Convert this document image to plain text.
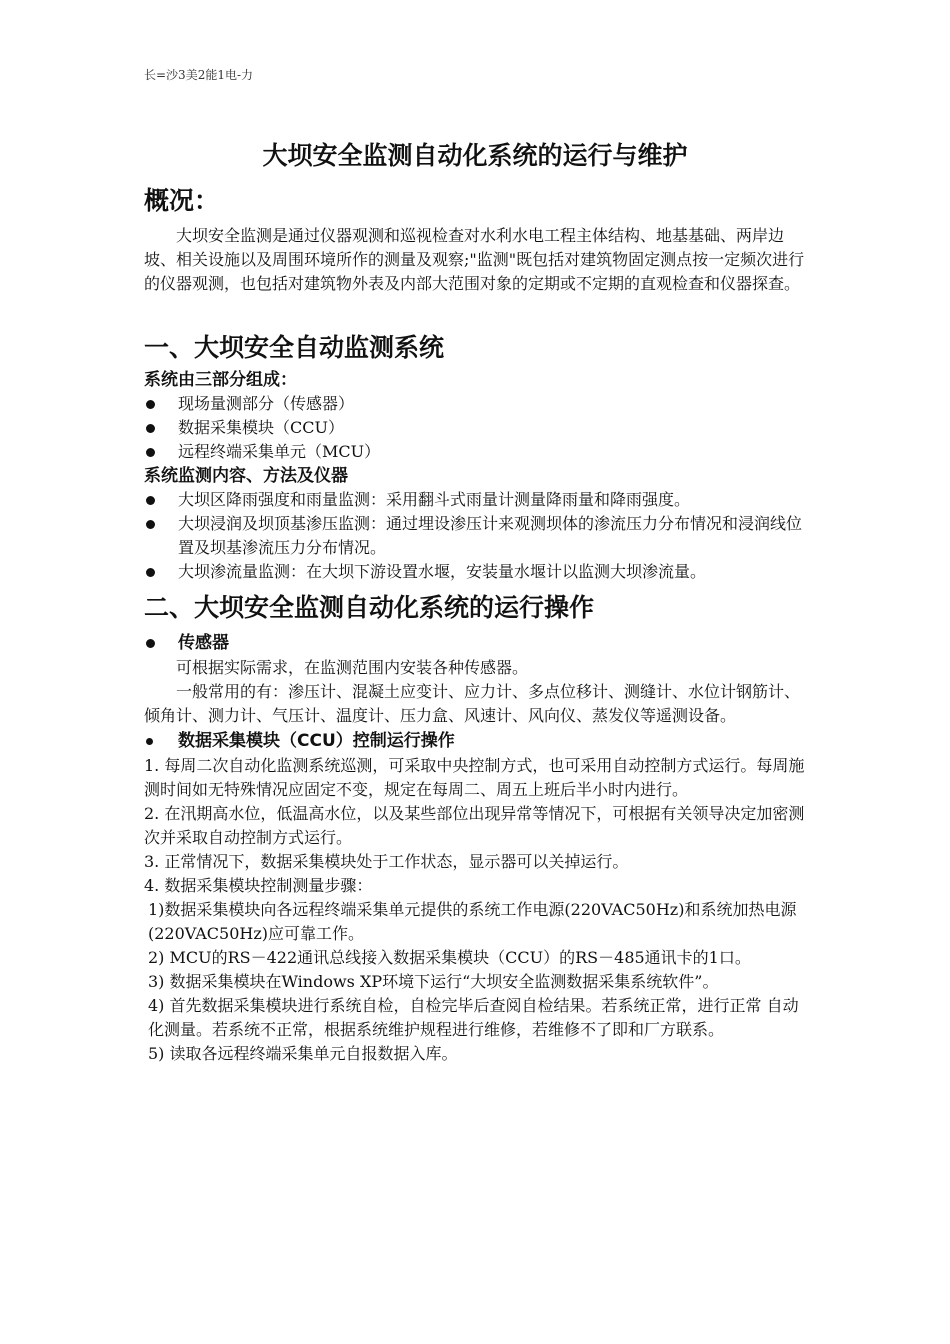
长=沙3美2能1电-力
大坝安全监测自动化系统的运行与维护
概况：

大坝安全监测是通过仪器观测和巡视检查对水利水电工程主体结构、地基基础、两岸边坡、相关设施以及周围环境所作的测量及观察;"监测"既包括对建筑物固定测点按一定频次进行的仪器观测，也包括对建筑物外表及内部大范围对象的定期或不定期的直观检查和仪器探查。

一、大坝安全自动监测系统
系统由三部分组成：
现场量测部分（传感器）
数据采集模块（CCU）
远程终端采集单元（MCU）
系统监测内容、方法及仪器
大坝区降雨强度和雨量监测：采用翻斗式雨量计测量降雨量和降雨强度。
大坝浸润及坝顶基渗压监测：通过埋设渗压计来观测坝体的渗流压力分布情况和浸润线位置及坝基渗流压力分布情况。
大坝渗流量监测：在大坝下游设置水堰，安装量水堰计以监测大坝渗流量。
二、大坝安全监测自动化系统的运行操作
传感器

可根据实际需求，在监测范围内安装各种传感器。

一般常用的有：渗压计、混凝土应变计、应力计、多点位移计、测缝计、水位计钢筋计、倾角计、测力计、气压计、温度计、压力盒、风速计、风向仪、蒸发仪等遥测设备。

数据采集模块（CCU）控制运行操作

1. 每周二次自动化监测系统巡测，可采取中央控制方式，也可采用自动控制方式运行。每周施测时间如无特殊情况应固定不变，规定在每周二、周五上班后半小时内进行。

2. 在汛期高水位，低温高水位，以及某些部位出现异常等情况下，可根据有关领导决定加密测次并采取自动控制方式运行。

3. 正常情况下，数据采集模块处于工作状态，显示器可以关掉运行。

4. 数据采集模块控制测量步骤：

1)数据采集模块向各远程终端采集单元提供的系统工作电源(220VAC50Hz)和系统加热电源 (220VAC50Hz)应可靠工作。

2) MCU的RS－422通讯总线接入数据采集模块（CCU）的RS－485通讯卡的1口。

3) 数据采集模块在Windows XP环境下运行“大坝安全监测数据采集系统软件”。

4) 首先数据采集模块进行系统自检，自检完毕后查阅自检结果。若系统正常，进行正常 自动化测量。若系统不正常，根据系统维护规程进行维修，若维修不了即和厂方联系。

5) 读取各远程终端采集单元自报数据入库。
